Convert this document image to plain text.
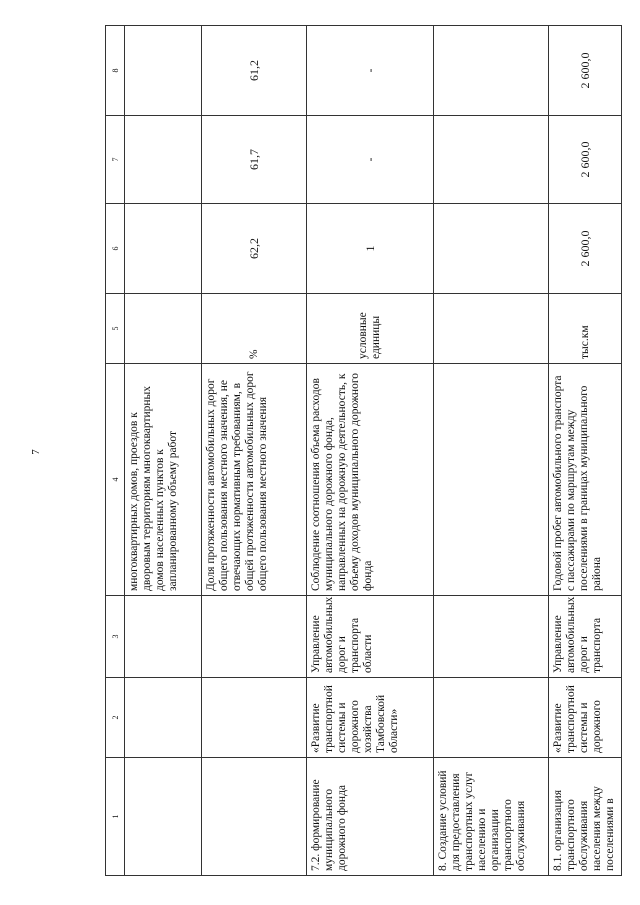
7
1	2	3	4	5	6	7	8
			многоквартирных домов, проездов к дворовым территориям многоквартирных домов населенных пунктов к запланированному объему работ				
			Доля протяженности автомобильных дорог общего пользования местного значения, не отвечающих нормативным требованиям, в общей протяженности автомобильных дорог общего пользования местного значения	%	62,2	61,7	61,2
7.2. формирование муниципального дорожного фонда	«Развитие транспортной системы и дорожного хозяйства Тамбовской области»	Управление автомобильных дорог и транспорта области	Соблюдение соотношения объема расходов муниципального дорожного фонда, направленных на дорожную деятельность, к объему доходов муниципального дорожного фонда	условные единицы	1	-	-
8. Создание условий для предоставления транспортных услуг населению и организации транспортного обслуживания							
8.1. организация транспортного обслуживания населения между поселениями в	«Развитие транспортной системы и дорожного	Управление автомобильных дорог и транспорта	Годовой пробег автомобильного транспорта с пассажирами по маршрутам между поселениями в границах муниципального района	тыс.км	2 600,0	2 600,0	2 600,0
